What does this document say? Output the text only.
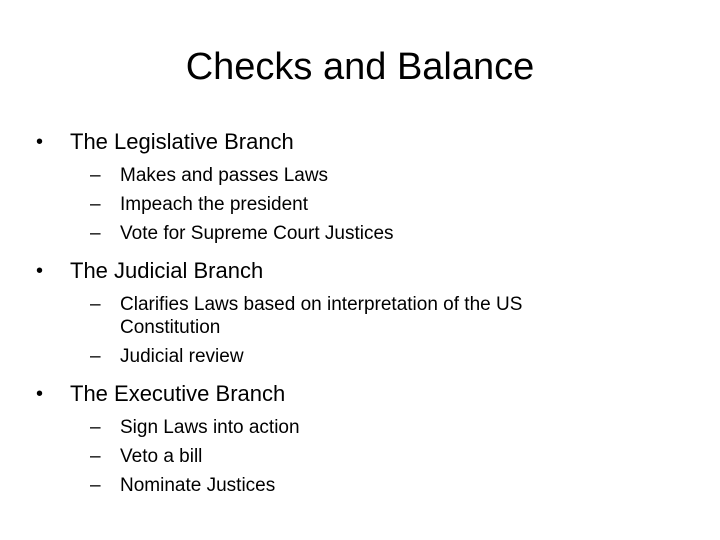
Checks and Balance
•	The Legislative Branch
–	Makes and passes Laws
–	Impeach the president
–	Vote for Supreme Court Justices
•	The Judicial Branch
–	Clarifies Laws based on interpretation of the US Constitution
–	Judicial review
•	The Executive Branch
–	Sign Laws into action
–	Veto a bill
–	Nominate Justices
